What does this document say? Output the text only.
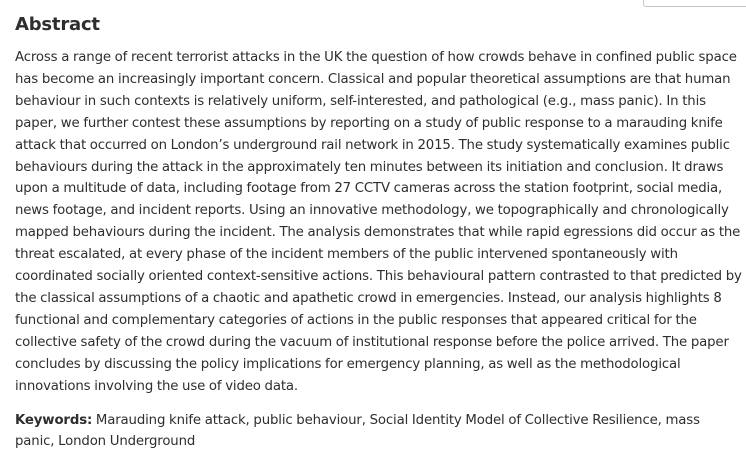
Abstract

Across a range of recent terrorist attacks in the UK the question of how crowds behave in confined public space has become an increasingly important concern. Classical and popular theoretical assumptions are that human behaviour in such contexts is relatively uniform, self-interested, and pathological (e.g., mass panic). In this paper, we further contest these assumptions by reporting on a study of public response to a marauding knife attack that occurred on London’s underground rail network in 2015. The study systematically examines public behaviours during the attack in the approximately ten minutes between its initiation and conclusion. It draws upon a multitude of data, including footage from 27 CCTV cameras across the station footprint, social media, news footage, and incident reports. Using an innovative methodology, we topographically and chronologically mapped behaviours during the incident. The analysis demonstrates that while rapid egressions did occur as the threat escalated, at every phase of the incident members of the public intervened spontaneously with coordinated socially oriented context-sensitive actions. This behavioural pattern contrasted to that predicted by the classical assumptions of a chaotic and apathetic crowd in emergencies. Instead, our analysis highlights 8 functional and complementary categories of actions in the public responses that appeared critical for the collective safety of the crowd during the vacuum of institutional response before the police arrived. The paper concludes by discussing the policy implications for emergency planning, as well as the methodological innovations involving the use of video data.

Keywords: Marauding knife attack, public behaviour, Social Identity Model of Collective Resilience, mass panic, London Underground
